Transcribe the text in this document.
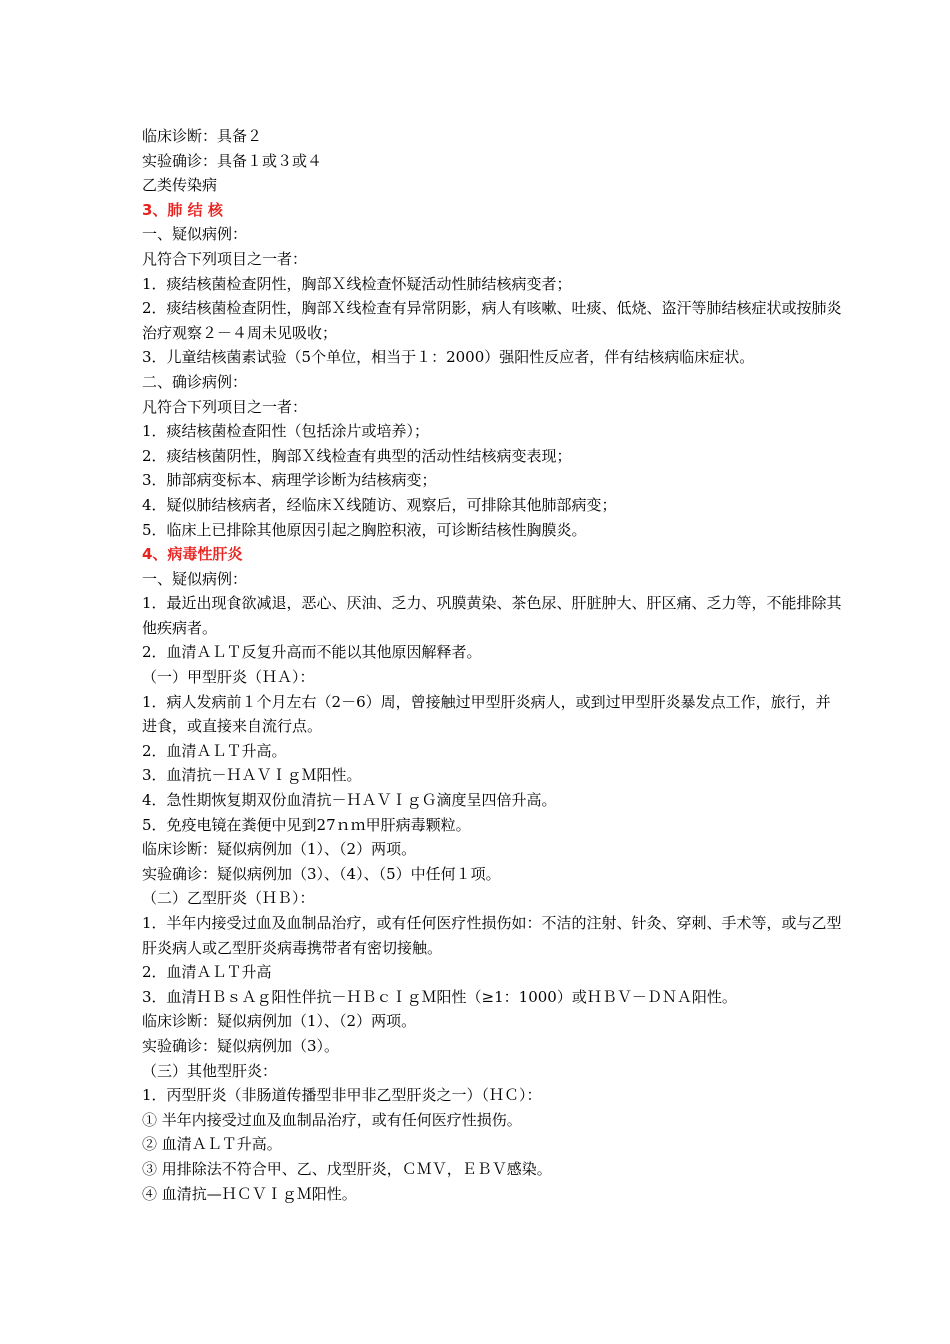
临床诊断：具备２
实验确诊：具备１或３或４
乙类传染病
3、肺 结 核
一、疑似病例：
凡符合下列项目之一者：
1．痰结核菌检查阴性，胸部Ｘ线检查怀疑活动性肺结核病变者；
2．痰结核菌检查阴性，胸部Ｘ线检查有异常阴影，病人有咳嗽、吐痰、低烧、盗汗等肺结核症状或按肺炎治疗观察２－４周未见吸收；
3．儿童结核菌素试验（5个单位，相当于１：2000）强阳性反应者，伴有结核病临床症状。
二、确诊病例：
凡符合下列项目之一者：
1．痰结核菌检查阳性（包括涂片或培养）；
2．痰结核菌阴性，胸部Ｘ线检查有典型的活动性结核病变表现；
3．肺部病变标本、病理学诊断为结核病变；
4．疑似肺结核病者，经临床Ｘ线随访、观察后，可排除其他肺部病变；
5．临床上已排除其他原因引起之胸腔积液，可诊断结核性胸膜炎。
4、病毒性肝炎
一、疑似病例：
1．最近出现食欲减退，恶心、厌油、乏力、巩膜黄染、茶色尿、肝脏肿大、肝区痛、乏力等，不能排除其他疾病者。
2．血清ＡＬＴ反复升高而不能以其他原因解释者。
（一）甲型肝炎（ＨＡ）：
1．病人发病前１个月左右（2－6）周，曾接触过甲型肝炎病人，或到过甲型肝炎暴发点工作，旅行，并进食，或直接来自流行点。
2．血清ＡＬＴ升高。
3．血清抗－ＨＡＶＩｇＭ阳性。
4．急性期恢复期双份血清抗－ＨＡＶＩｇＧ滴度呈四倍升高。
5．免疫电镜在粪便中见到27ｎｍ甲肝病毒颗粒。
临床诊断：疑似病例加（1）、（2）两项。
实验确诊：疑似病例加（3）、（4）、（5）中任何１项。
（二）乙型肝炎（ＨＢ）：
1．半年内接受过血及血制品治疗，或有任何医疗性损伤如：不洁的注射、针灸、穿刺、手术等，或与乙型肝炎病人或乙型肝炎病毒携带者有密切接触。
2．血清ＡＬＴ升高
3．血清ＨＢｓＡｇ阳性伴抗－ＨＢｃＩｇＭ阳性（≥1：1000）或ＨＢＶ－ＤＮＡ阳性。
临床诊断：疑似病例加（1）、（2）两项。
实验确诊：疑似病例加（3）。
（三）其他型肝炎：
1．丙型肝炎（非肠道传播型非甲非乙型肝炎之一）（ＨＣ）：
① 半年内接受过血及血制品治疗，或有任何医疗性损伤。
② 血清ＡＬＴ升高。
③ 用排除法不符合甲、乙、戊型肝炎，ＣＭＶ，ＥＢＶ感染。
④ 血清抗—ＨＣＶＩｇＭ阳性。
